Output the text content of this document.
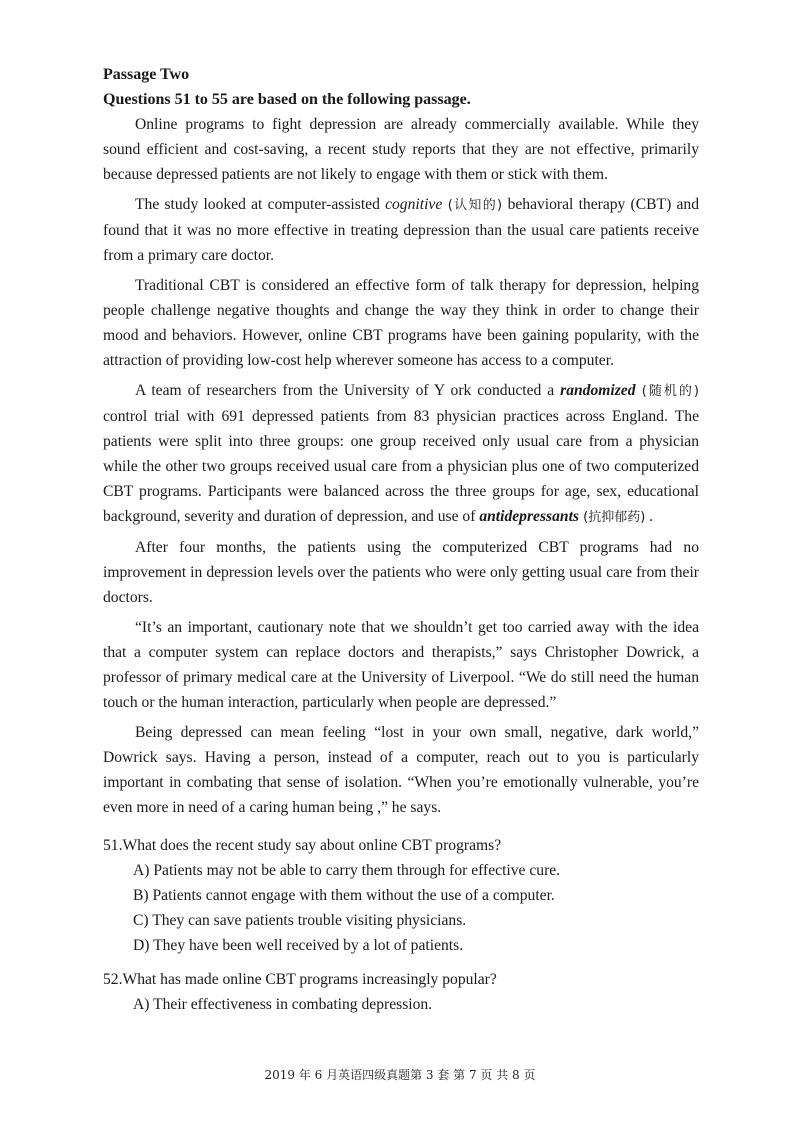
Passage Two

Questions 51 to 55 are based on the following passage.

Online programs to fight depression are already commercially available. While they sound efficient and cost-saving, a recent study reports that they are not effective, primarily because depressed patients are not likely to engage with them or stick with them.

The study looked at computer-assisted cognitive (认知的) behavioral therapy (CBT) and found that it was no more effective in treating depression than the usual care patients receive from a primary care doctor.

Traditional CBT is considered an effective form of talk therapy for depression, helping people challenge negative thoughts and change the way they think in order to change their mood and behaviors. However, online CBT programs have been gaining popularity, with the attraction of providing low-cost help wherever someone has access to a computer.

A team of researchers from the University of Y ork conducted a randomized (随机的) control trial with 691 depressed patients from 83 physician practices across England. The patients were split into three groups: one group received only usual care from a physician while the other two groups received usual care from a physician plus one of two computerized CBT programs. Participants were balanced across the three groups for age, sex, educational background, severity and duration of depression, and use of antidepressants (抗抑郁药) .

After four months, the patients using the computerized CBT programs had no improvement in depression levels over the patients who were only getting usual care from their doctors.

“It’s an important, cautionary note that we shouldn’t get too carried away with the idea that a computer system can replace doctors and therapists,” says Christopher Dowrick, a professor of primary medical care at the University of Liverpool. “We do still need the human touch or the human interaction, particularly when people are depressed.”

Being depressed can mean feeling “lost in your own small, negative, dark world,” Dowrick says. Having a person, instead of a computer, reach out to you is particularly important in combating that sense of isolation. “When you’re emotionally vulnerable, you’re even more in need of a caring human being ,” he says.

51.What does the recent study say about online CBT programs?

A) Patients may not be able to carry them through for effective cure.

B) Patients cannot engage with them without the use of a computer.

C) They can save patients trouble visiting physicians.

D) They have been well received by a lot of patients.

52.What has made online CBT programs increasingly popular?

A) Their effectiveness in combating depression.

2019 年 6 月英语四级真题第 3 套 第 7 页 共 8 页
